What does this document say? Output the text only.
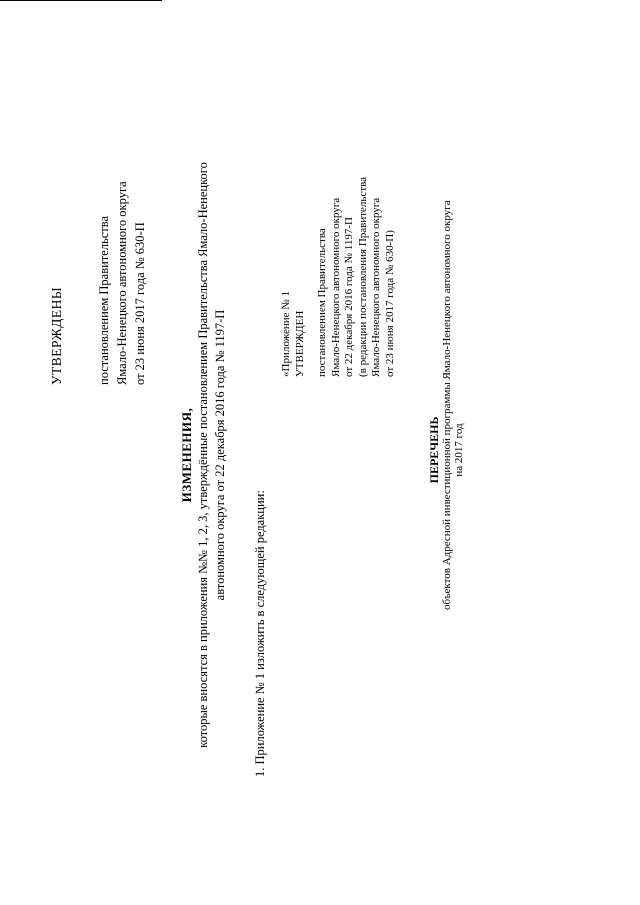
УТВЕРЖДЕНЫ	постановлением Правительства Ямало-Ненецкого автономного округа от 23 июня 2017 года № 630-П
ИЗМЕНЕНИЯ, которые вносятся в приложения №№ 1, 2, 3, утверждённые постановлением Правительства Ямало-Ненецкого автономного округа от 22 декабря 2016 года № 1197-П
1. Приложение № 1 изложить в следующей редакции:
«Приложение № 1 УТВЕРЖДЕН постановлением Правительства Ямало-Ненецкого автономного округа от 22 декабря 2016 года № 1197-П (в редакции постановления Правительства Ямало-Ненецкого автономного округа от 23 июня 2017 года № 630-П)
ПЕРЕЧЕНЬ объектов Адресной инвестиционной программы Ямало-Ненецкого автономного округа на 2017 год
